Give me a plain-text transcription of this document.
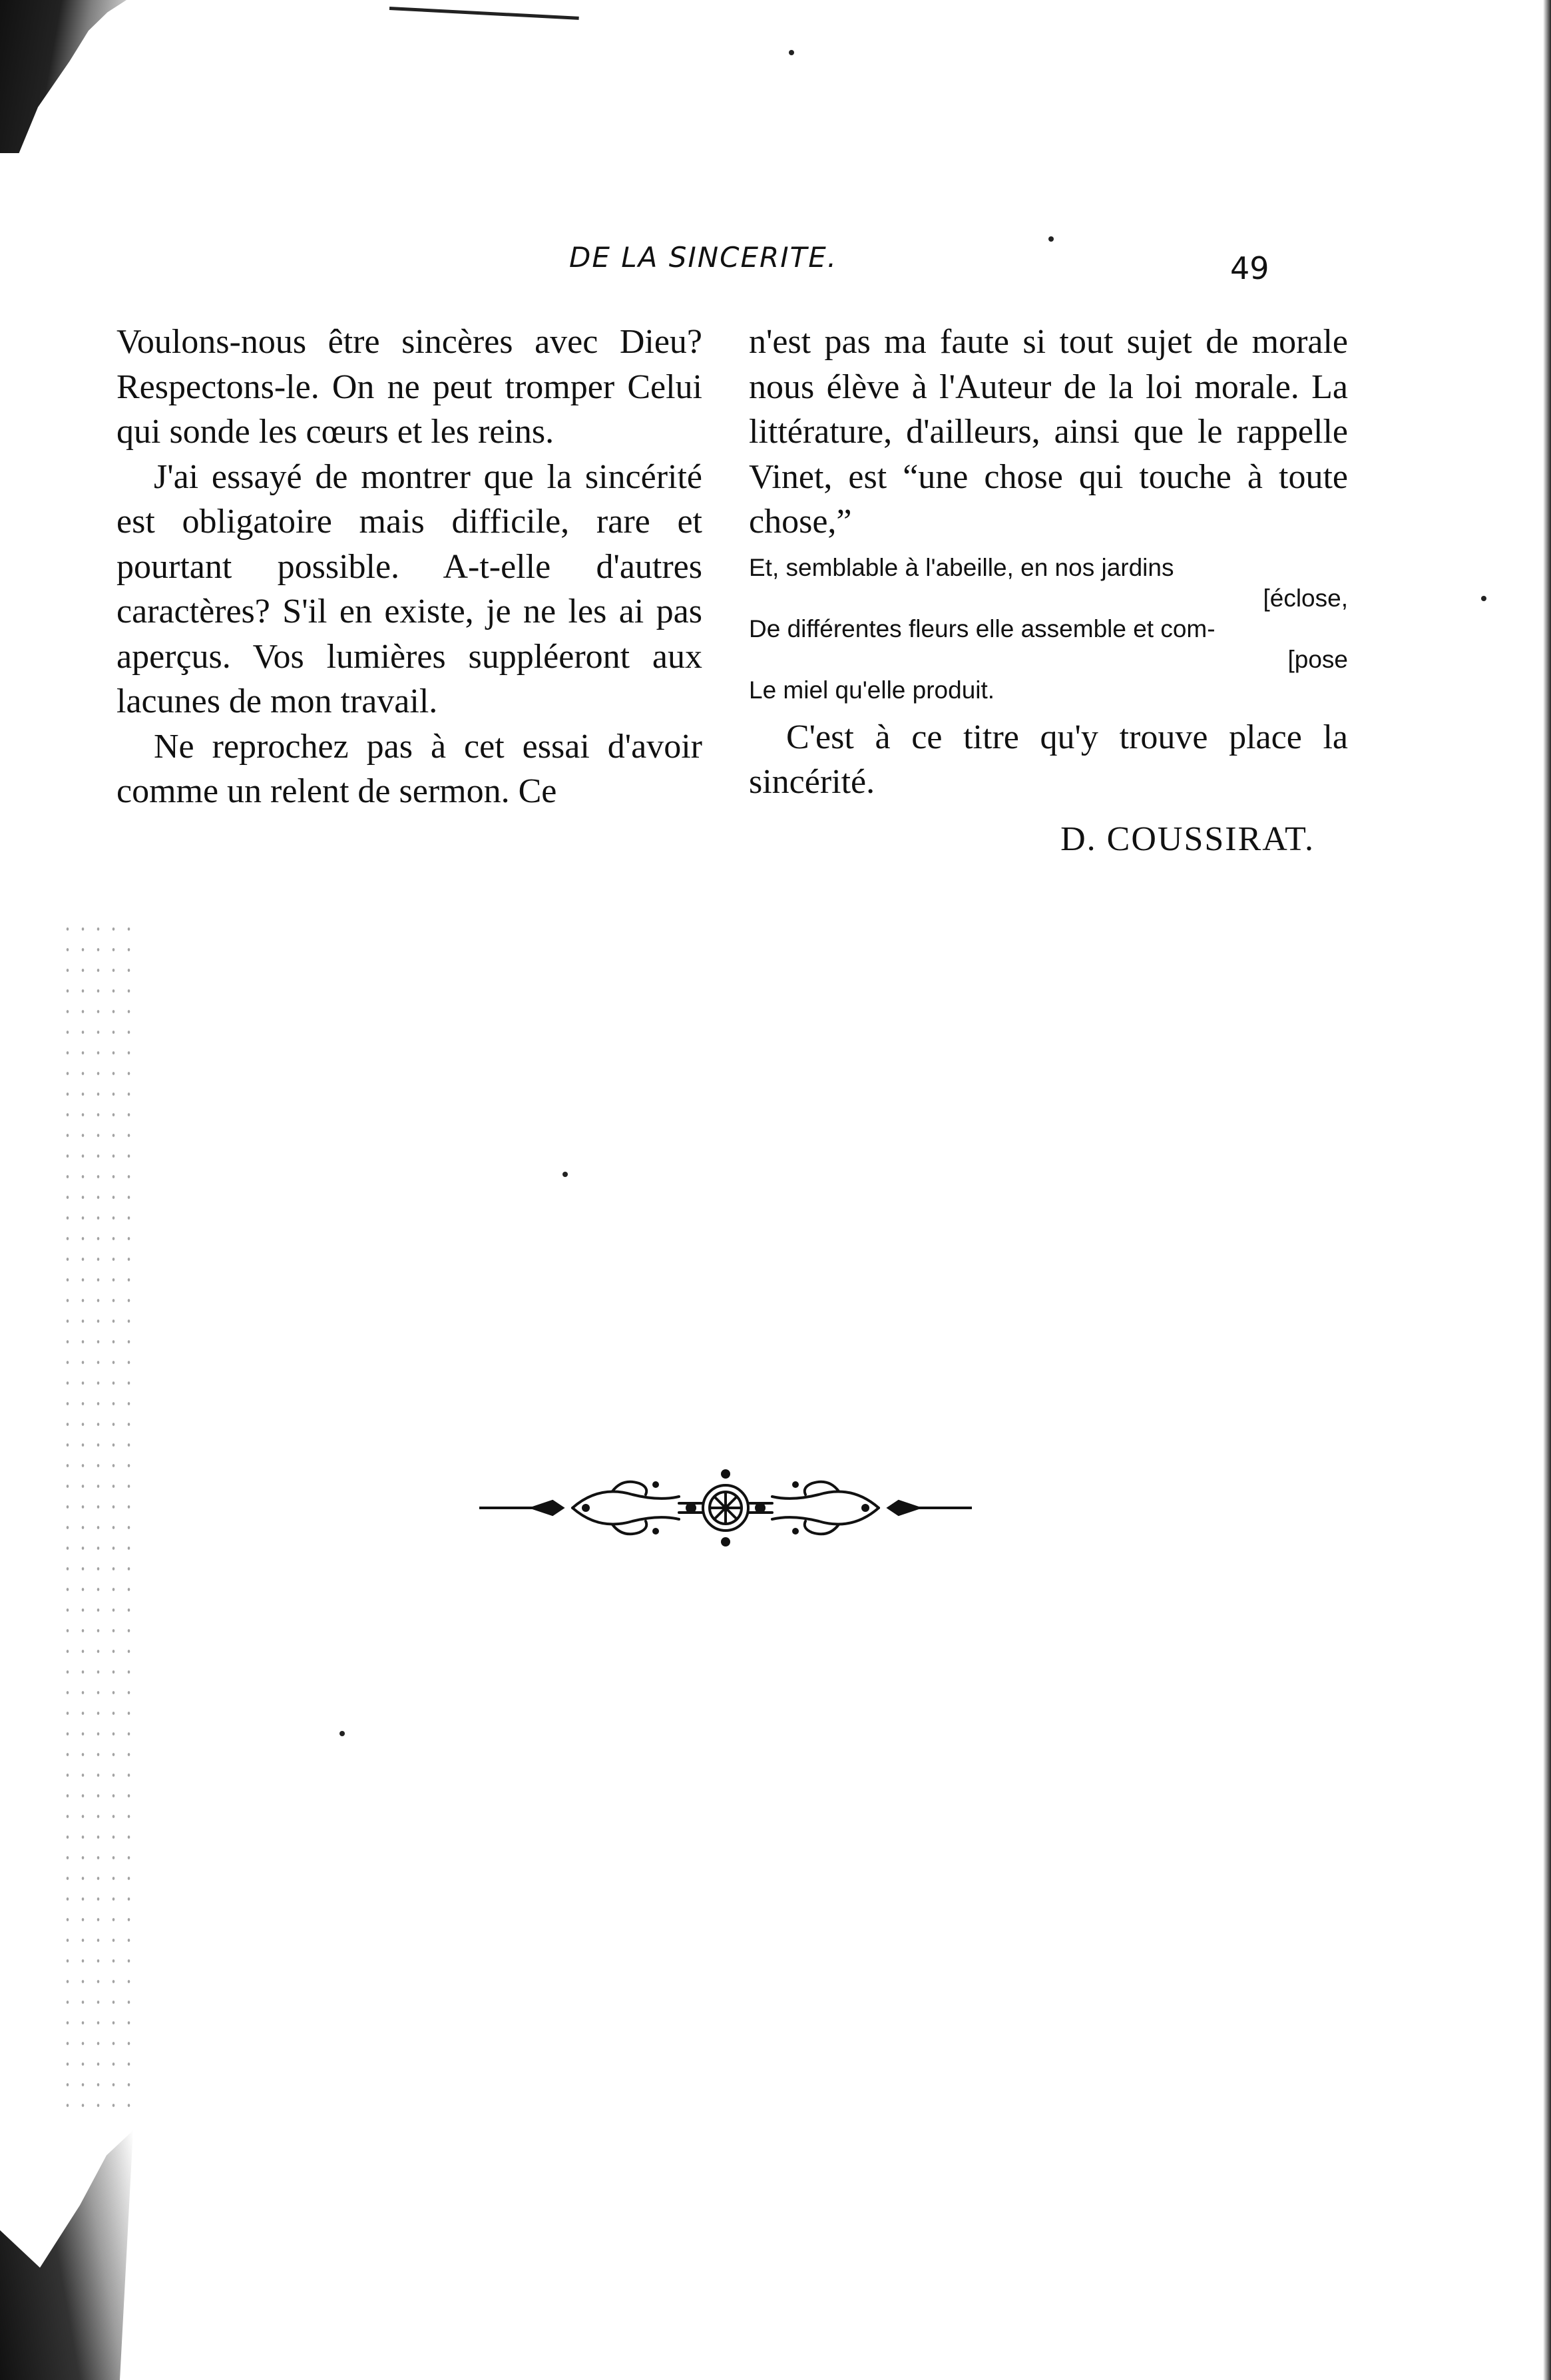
DE LA SINCERITE.	49

Voulons-nous être sincères avec Dieu? Respectons-le. On ne peut tromper Celui qui sonde les cœurs et les reins.

J'ai essayé de montrer que la sincérité est obligatoire mais difficile, rare et pourtant possible. A-t-elle d'autres caractères? S'il en existe, je ne les ai pas aperçus. Vos lumières suppléeront aux lacunes de mon travail.

Ne reprochez pas à cet essai d'avoir comme un relent de sermon. Ce

n'est pas ma faute si tout sujet de morale nous élève à l'Auteur de la loi morale. La littérature, d'ailleurs, ainsi que le rappelle Vinet, est “une chose qui touche à toute chose,”

Et, semblable à l'abeille, en nos jardins
[éclose,
De différentes fleurs elle assemble et com-
[pose
Le miel qu'elle produit.

C'est à ce titre qu'y trouve place la sincérité.

D. COUSSIRAT.
